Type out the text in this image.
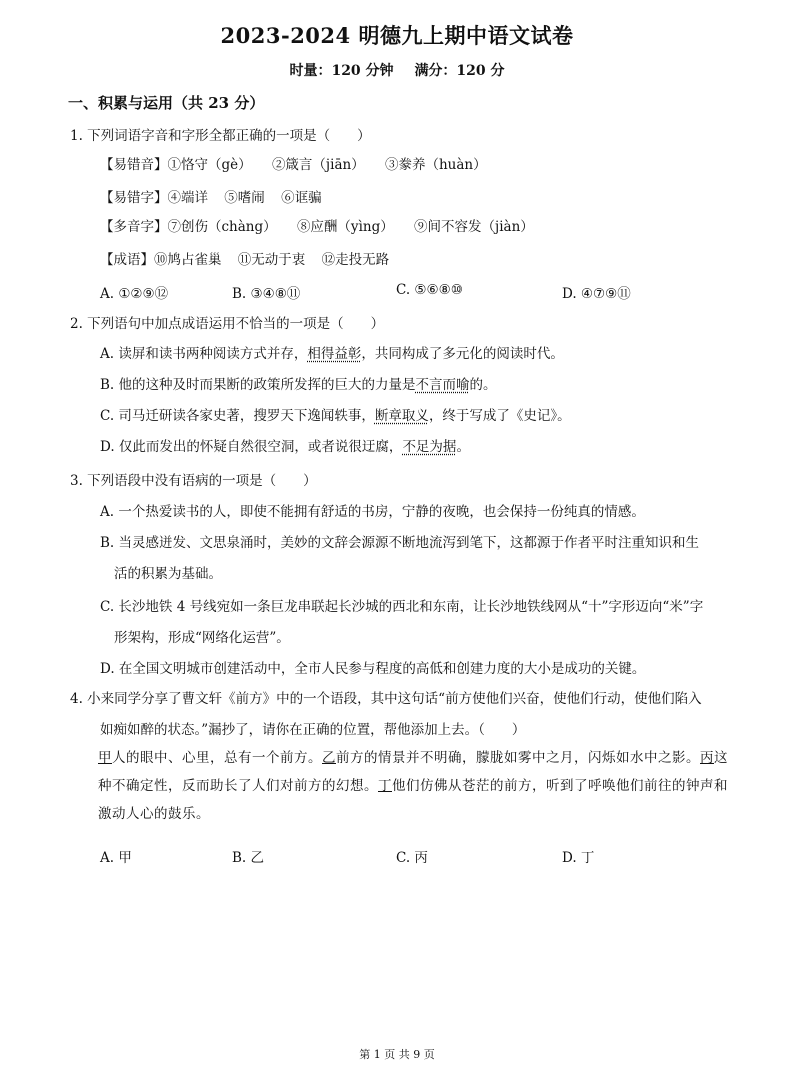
2023-2024 明德九上期中语文试卷
时量：120 分钟 满分：120 分
一、积累与运用（共 23 分）
1. 下列词语字音和字形全都正确的一项是（　　）
【易错音】①恪守（gè） ②箴言（jiān） ③豢养（huàn）
【易错字】④端详 ⑤嗜闹 ⑥诓骗
【多音字】⑦创伤（chàng） ⑧应酬（yìng） ⑨间不容发（jiàn）
【成语】⑩鸠占雀巢 ⑪无动于衷 ⑫走投无路
A. ①②⑨⑫	B. ③④⑧⑪	C. ⑤⑥⑧⑩	D. ④⑦⑨⑪
2. 下列语句中加点成语运用不恰当的一项是（　　）
A. 读屏和读书两种阅读方式并存，相得益彰，共同构成了多元化的阅读时代。
B. 他的这种及时而果断的政策所发挥的巨大的力量是不言而喻的。
C. 司马迁研读各家史著，搜罗天下逸闻轶事，断章取义，终于写成了《史记》。
D. 仅此而发出的怀疑自然很空洞，或者说很迂腐，不足为据。
3. 下列语段中没有语病的一项是（　　）
A. 一个热爱读书的人，即使不能拥有舒适的书房，宁静的夜晚，也会保持一份纯真的情感。
B. 当灵感迸发、文思泉涌时，美妙的文辞会源源不断地流泻到笔下，这都源于作者平时注重知识和生
活的积累为基础。
C. 长沙地铁 4 号线宛如一条巨龙串联起长沙城的西北和东南，让长沙地铁线网从“十”字形迈向“米”字
形架构，形成“网络化运营”。
D. 在全国文明城市创建活动中，全市人民参与程度的高低和创建力度的大小是成功的关键。
4. 小来同学分享了曹文轩《前方》中的一个语段，其中这句话“前方使他们兴奋，使他们行动，使他们陷入
如痴如醉的状态。”漏抄了，请你在正确的位置，帮他添加上去。（　　）
甲人的眼中、心里，总有一个前方。乙前方的情景并不明确，朦胧如雾中之月，闪烁如水中之影。丙这种不确定性，反而助长了人们对前方的幻想。丁他们仿佛从苍茫的前方，听到了呼唤他们前往的钟声和激动人心的鼓乐。
A. 甲	B. 乙	C. 丙	D. 丁
第 1 页 共 9 页
